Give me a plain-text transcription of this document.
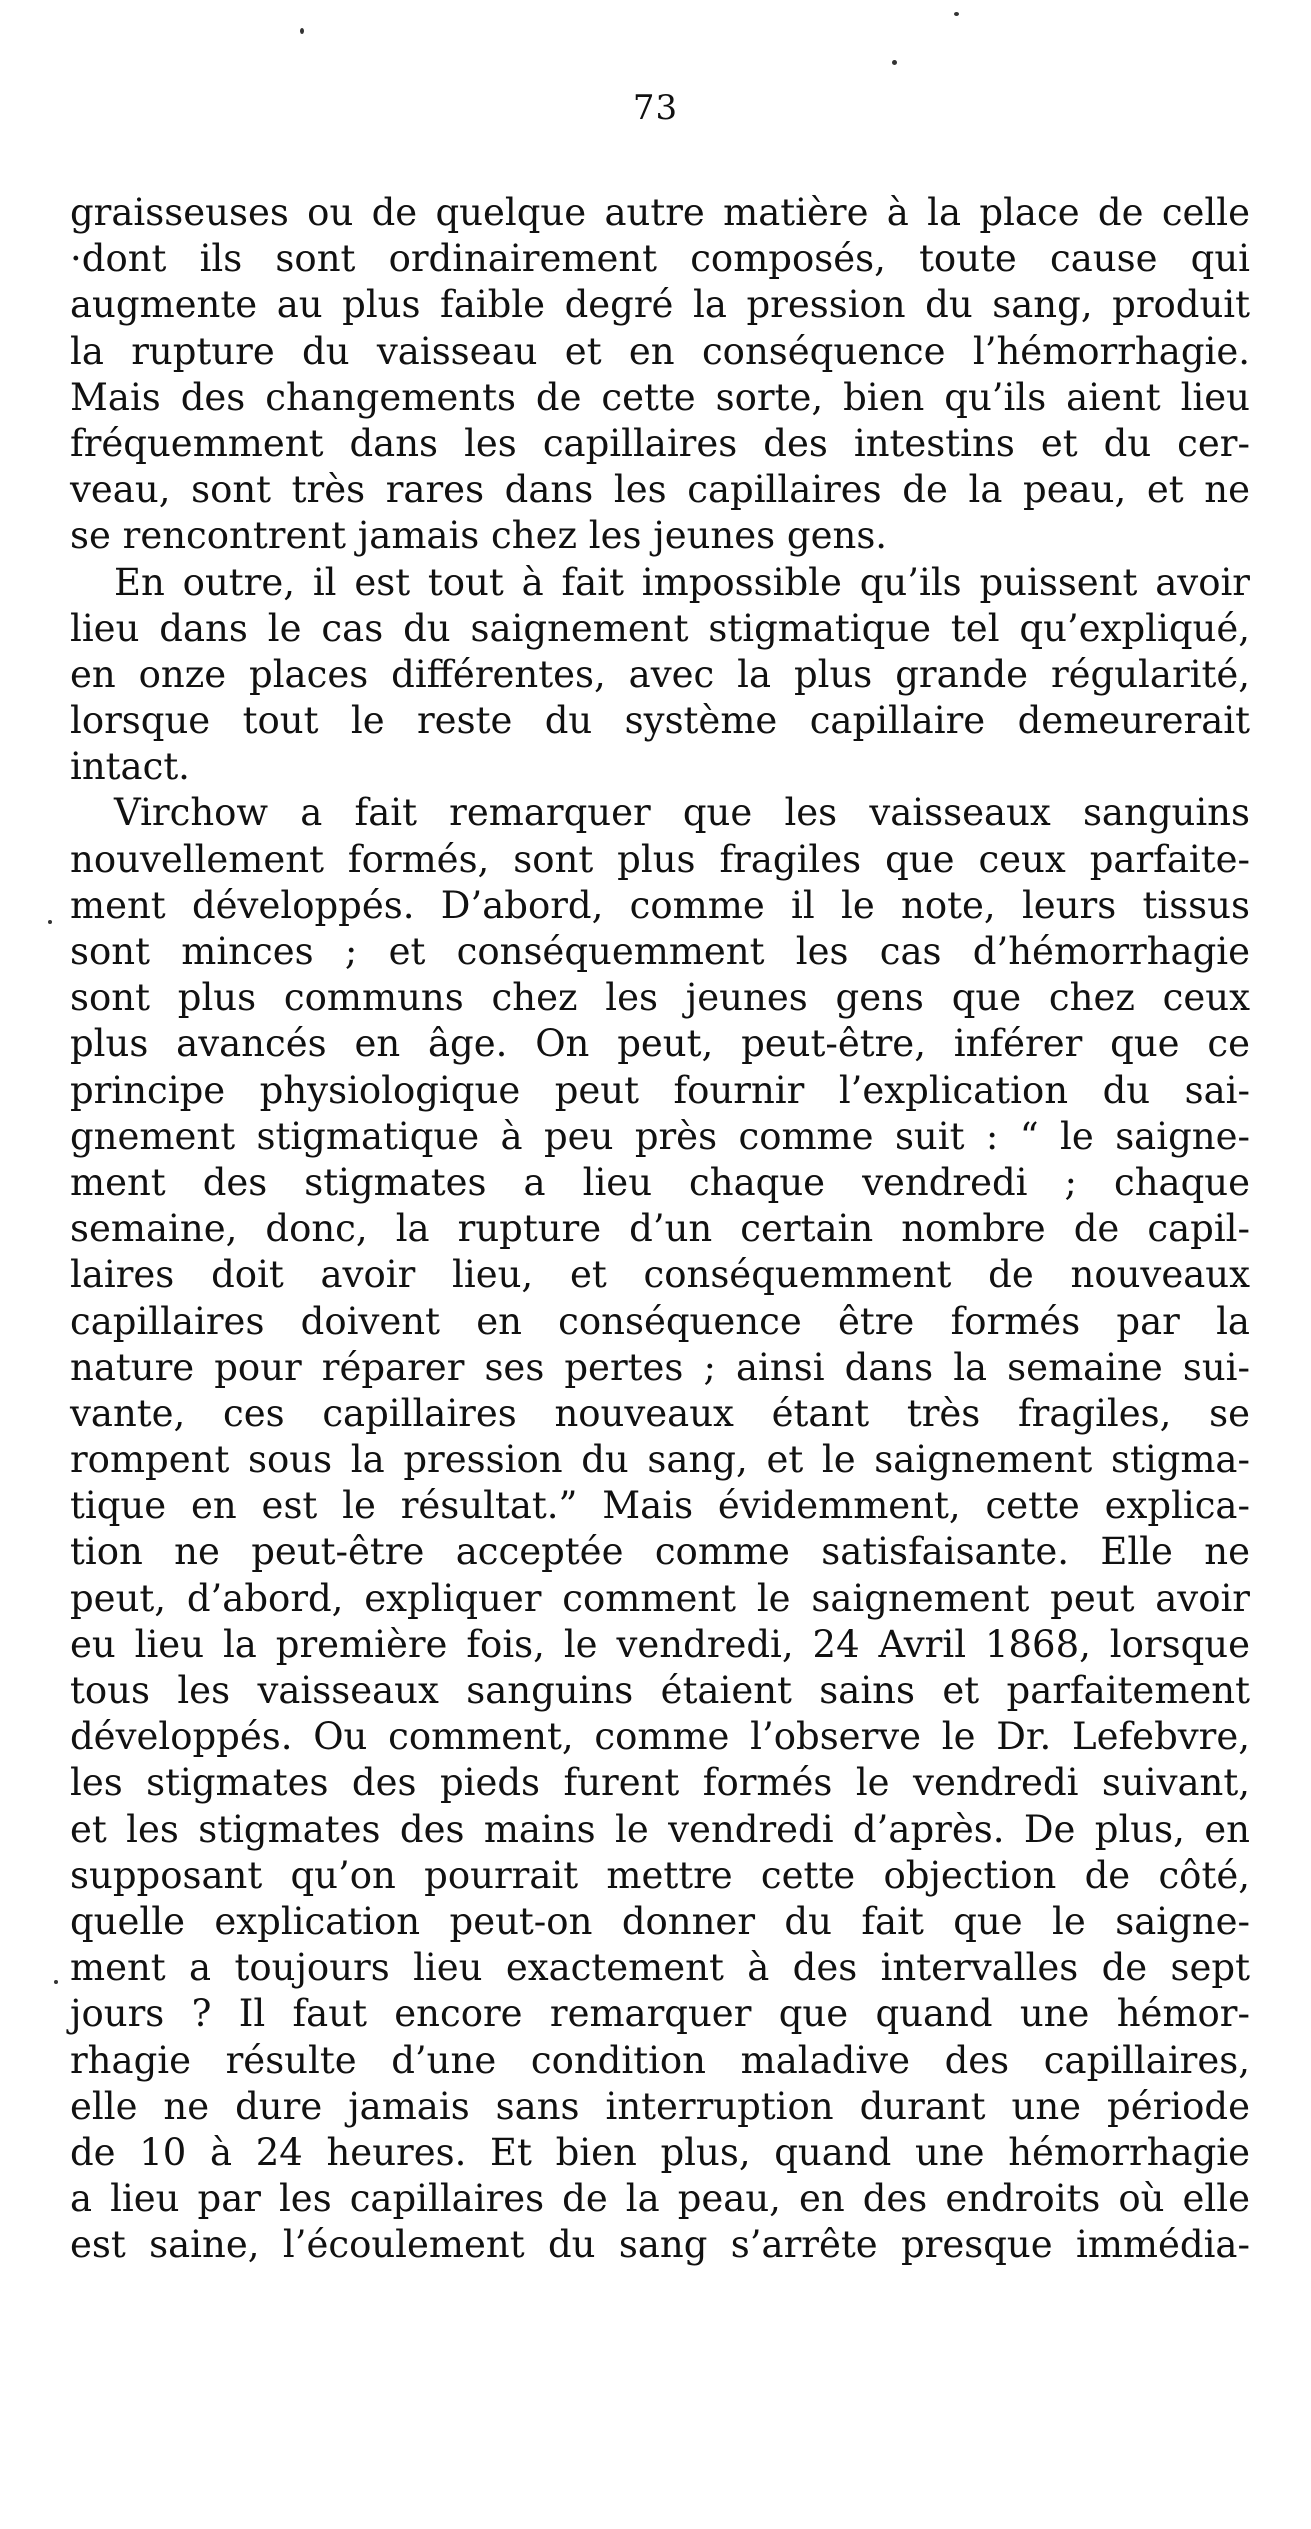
73
graisseuses ou de quelque autre matière à la place de celle
·dont ils sont ordinairement composés, toute cause qui
augmente au plus faible degré la pression du sang, produit
la rupture du vaisseau et en conséquence l’hémorrhagie.
Mais des changements de cette sorte, bien qu’ils aient lieu
fréquemment dans les capillaires des intestins et du cer-
veau, sont très rares dans les capillaires de la peau, et ne
se rencontrent jamais chez les jeunes gens.
En outre, il est tout à fait impossible qu’ils puissent avoir
lieu dans le cas du saignement stigmatique tel qu’expliqué,
en onze places différentes, avec la plus grande régularité,
lorsque tout le reste du système capillaire demeurerait
intact.
Virchow a fait remarquer que les vaisseaux sanguins
nouvellement formés, sont plus fragiles que ceux parfaite-
ment développés. D’abord, comme il le note, leurs tissus
sont minces ; et conséquemment les cas d’hémorrhagie
sont plus communs chez les jeunes gens que chez ceux
plus avancés en âge. On peut, peut-être, inférer que ce
principe physiologique peut fournir l’explication du sai-
gnement stigmatique à peu près comme suit : “ le saigne-
ment des stigmates a lieu chaque vendredi ; chaque
semaine, donc, la rupture d’un certain nombre de capil-
laires doit avoir lieu, et conséquemment de nouveaux
capillaires doivent en conséquence être formés par la
nature pour réparer ses pertes ; ainsi dans la semaine sui-
vante, ces capillaires nouveaux étant très fragiles, se
rompent sous la pression du sang, et le saignement stigma-
tique en est le résultat.” Mais évidemment, cette explica-
tion ne peut-être acceptée comme satisfaisante. Elle ne
peut, d’abord, expliquer comment le saignement peut avoir
eu lieu la première fois, le vendredi, 24 Avril 1868, lorsque
tous les vaisseaux sanguins étaient sains et parfaitement
développés. Ou comment, comme l’observe le Dr. Lefebvre,
les stigmates des pieds furent formés le vendredi suivant,
et les stigmates des mains le vendredi d’après. De plus, en
supposant qu’on pourrait mettre cette objection de côté,
quelle explication peut-on donner du fait que le saigne-
ment a toujours lieu exactement à des intervalles de sept
jours ? Il faut encore remarquer que quand une hémor-
rhagie résulte d’une condition maladive des capillaires,
elle ne dure jamais sans interruption durant une période
de 10 à 24 heures. Et bien plus, quand une hémorrhagie
a lieu par les capillaires de la peau, en des endroits où elle
est saine, l’écoulement du sang s’arrête presque immédia-
